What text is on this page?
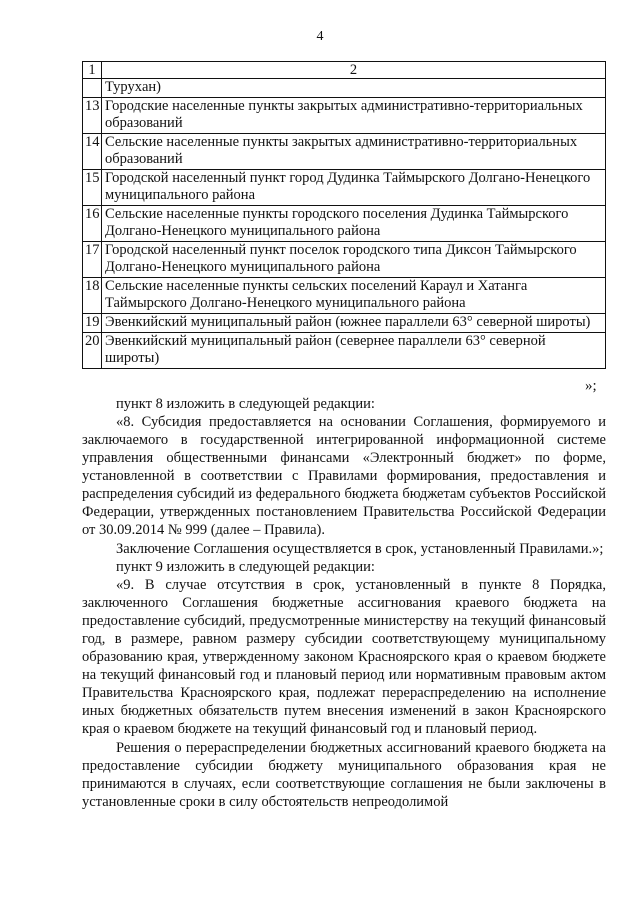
4
1	2
	Туруxан)
13	Городские населенные пункты закрытых административно-территориальных образований
14	Сельские населенные пункты закрытых административно-территориальных образований
15	Городской населенный пункт город Дудинка Таймырского Долгано-Ненецкого муниципального района
16	Сельские населенные пункты городского поселения Дудинка Таймырского Долгано-Ненецкого муниципального района
17	Городской населенный пункт поселок городского типа Диксон Таймырского Долгано-Ненецкого муниципального района
18	Сельские населенные пункты сельских поселений Караул и Хатанга Таймырского Долгано-Ненецкого муниципального района
19	Эвенкийский муниципальный район (южнее параллели 63° северной широты)
20	Эвенкийский муниципальный район (севернее параллели 63° северной широты)
»;

пункт 8 изложить в следующей редакции:

«8. Субсидия предоставляется на основании Соглашения, формируемого и заключаемого в государственной интегрированной информационной системе управления общественными финансами «Электронный бюджет» по форме, установленной в соответствии с Правилами формирования, предоставления и распределения субсидий из федерального бюджета бюджетам субъектов Российской Федерации, утвержденных постановлением Правительства Российской Федерации от 30.09.2014 № 999 (далее – Правила).

Заключение Соглашения осуществляется в срок, установленный Правилами.»;

пункт 9 изложить в следующей редакции:

«9. В случае отсутствия в срок, установленный в пункте 8 Порядка, заключенного Соглашения бюджетные ассигнования краевого бюджета на предоставление субсидий, предусмотренные министерству на текущий финансовый год, в размере, равном размеру субсидии соответствующему муниципальному образованию края, утвержденному законом Красноярского края о краевом бюджете на текущий финансовый год и плановый период или нормативным правовым актом Правительства Красноярского края, подлежат перераспределению на исполнение иных бюджетных обязательств путем внесения изменений в закон Красноярского края о краевом бюджете на текущий финансовый год и плановый период.

Решения о перераспределении бюджетных ассигнований краевого бюджета на предоставление субсидии бюджету муниципального образования края не принимаются в случаях, если соответствующие соглашения не были заключены в установленные сроки в силу обстоятельств непреодолимой
